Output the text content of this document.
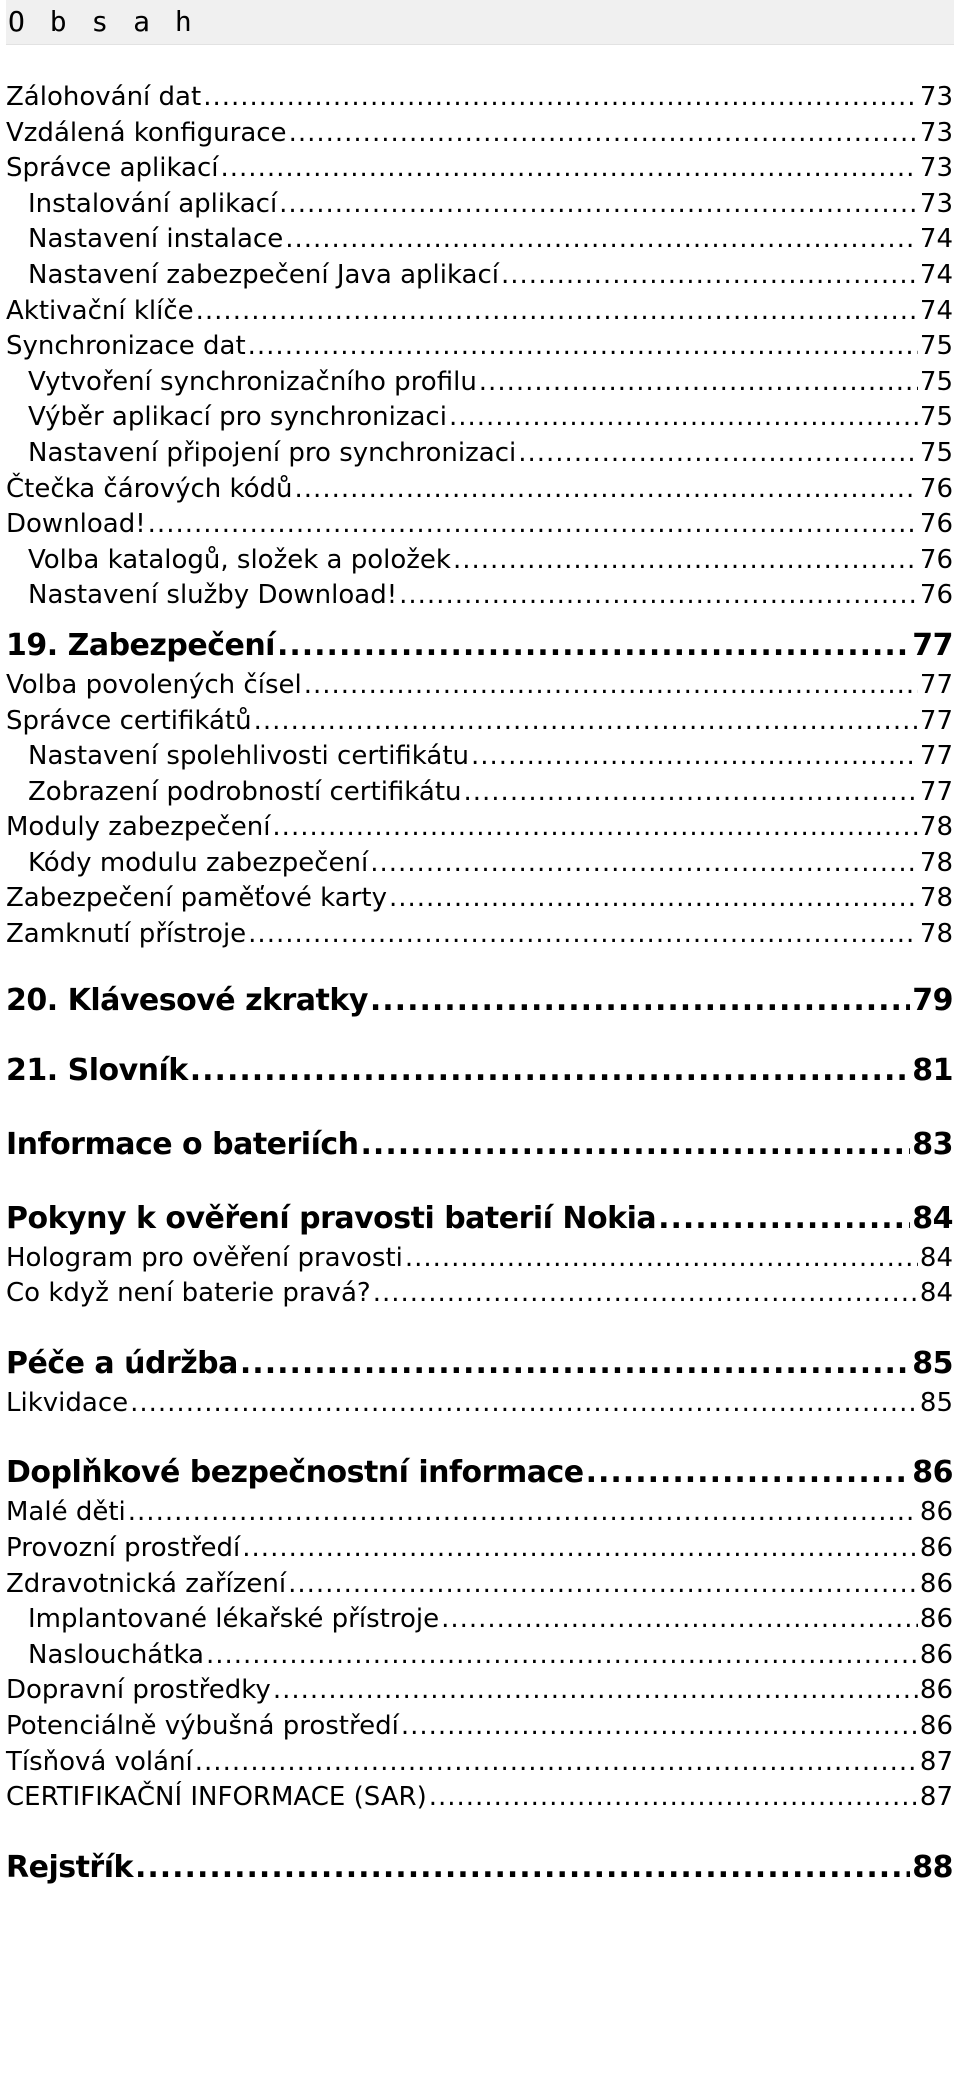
O b s a h
Zálohování dat .....	73
Vzdálená konfigurace .....	73
Správce aplikací .....	73
Instalování aplikací .....	73
Nastavení instalace .....	74
Nastavení zabezpečení Java aplikací .....	74
Aktivační klíče .....	74
Synchronizace dat .....	75
Vytvoření synchronizačního profilu .....	75
Výběr aplikací pro synchronizaci .....	75
Nastavení připojení pro synchronizaci .....	75
Čtečka čárových kódů .....	76
Download! .....	76
Volba katalogů, složek a položek .....	76
Nastavení služby Download! .....	76
19. Zabezpečení .....	77
Volba povolených čísel .....	77
Správce certifikátů .....	77
Nastavení spolehlivosti certifikátu .....	77
Zobrazení podrobností certifikátu .....	77
Moduly zabezpečení .....	78
Kódy modulu zabezpečení .....	78
Zabezpečení paměťové karty .....	78
Zamknutí přístroje .....	78
20. Klávesové zkratky .....	79
21. Slovník .....	81
Informace o bateriích .....	83
Pokyny k ověření pravosti baterií Nokia .....	84
Hologram pro ověření pravosti .....	84
Co když není baterie pravá? .....	84
Péče a údržba .....	85
Likvidace .....	85
Doplňkové bezpečnostní informace .....	86
Malé děti .....	86
Provozní prostředí .....	86
Zdravotnická zařízení .....	86
Implantované lékařské přístroje .....	86
Naslouchátka .....	86
Dopravní prostředky .....	86
Potenciálně výbušná prostředí .....	86
Tísňová volání .....	87
CERTIFIKAČNÍ INFORMACE (SAR) .....	87
Rejstřík .....	88
